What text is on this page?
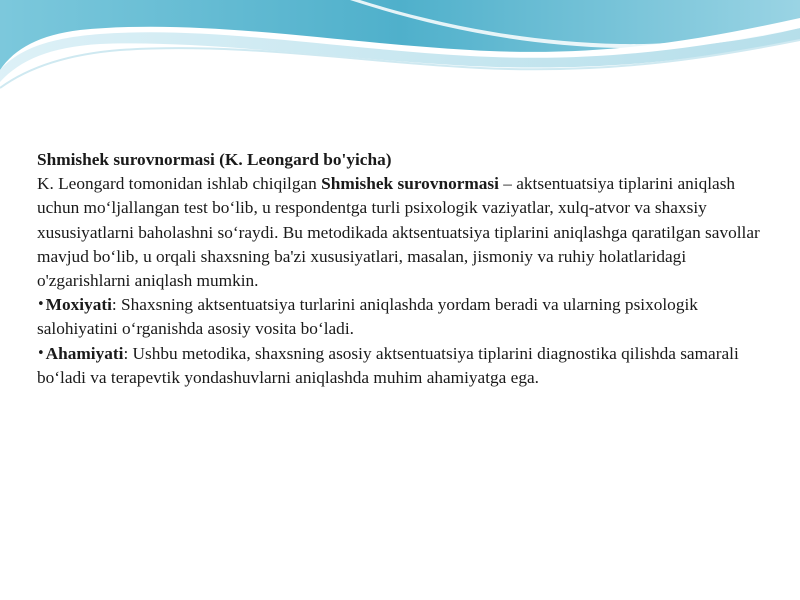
Shmishek surovnormasi (K. Leongard bo'yicha)

K. Leongard tomonidan ishlab chiqilgan Shmishek surovnormasi – aktsentuatsiya tiplarini aniqlash uchun mo‘ljallangan test bo‘lib, u respondentga turli psixologik vaziyatlar, xulq-atvor va shaxsiy xususiyatlarni baholashni so‘raydi. Bu metodikada aktsentuatsiya tiplarini aniqlashga qaratilgan savollar mavjud bo‘lib, u orqali shaxsning ba'zi xususiyatlari, masalan, jismoniy va ruhiy holatlaridagi o'zgarishlarni aniqlash mumkin.

•Moxiyati: Shaxsning aktsentuatsiya turlarini aniqlashda yordam beradi va ularning psixologik salohiyatini o‘rganishda asosiy vosita bo‘ladi.

•Ahamiyati: Ushbu metodika, shaxsning asosiy aktsentuatsiya tiplarini diagnostika qilishda samarali bo‘ladi va terapevtik yondashuvlarni aniqlashda muhim ahamiyatga ega.
